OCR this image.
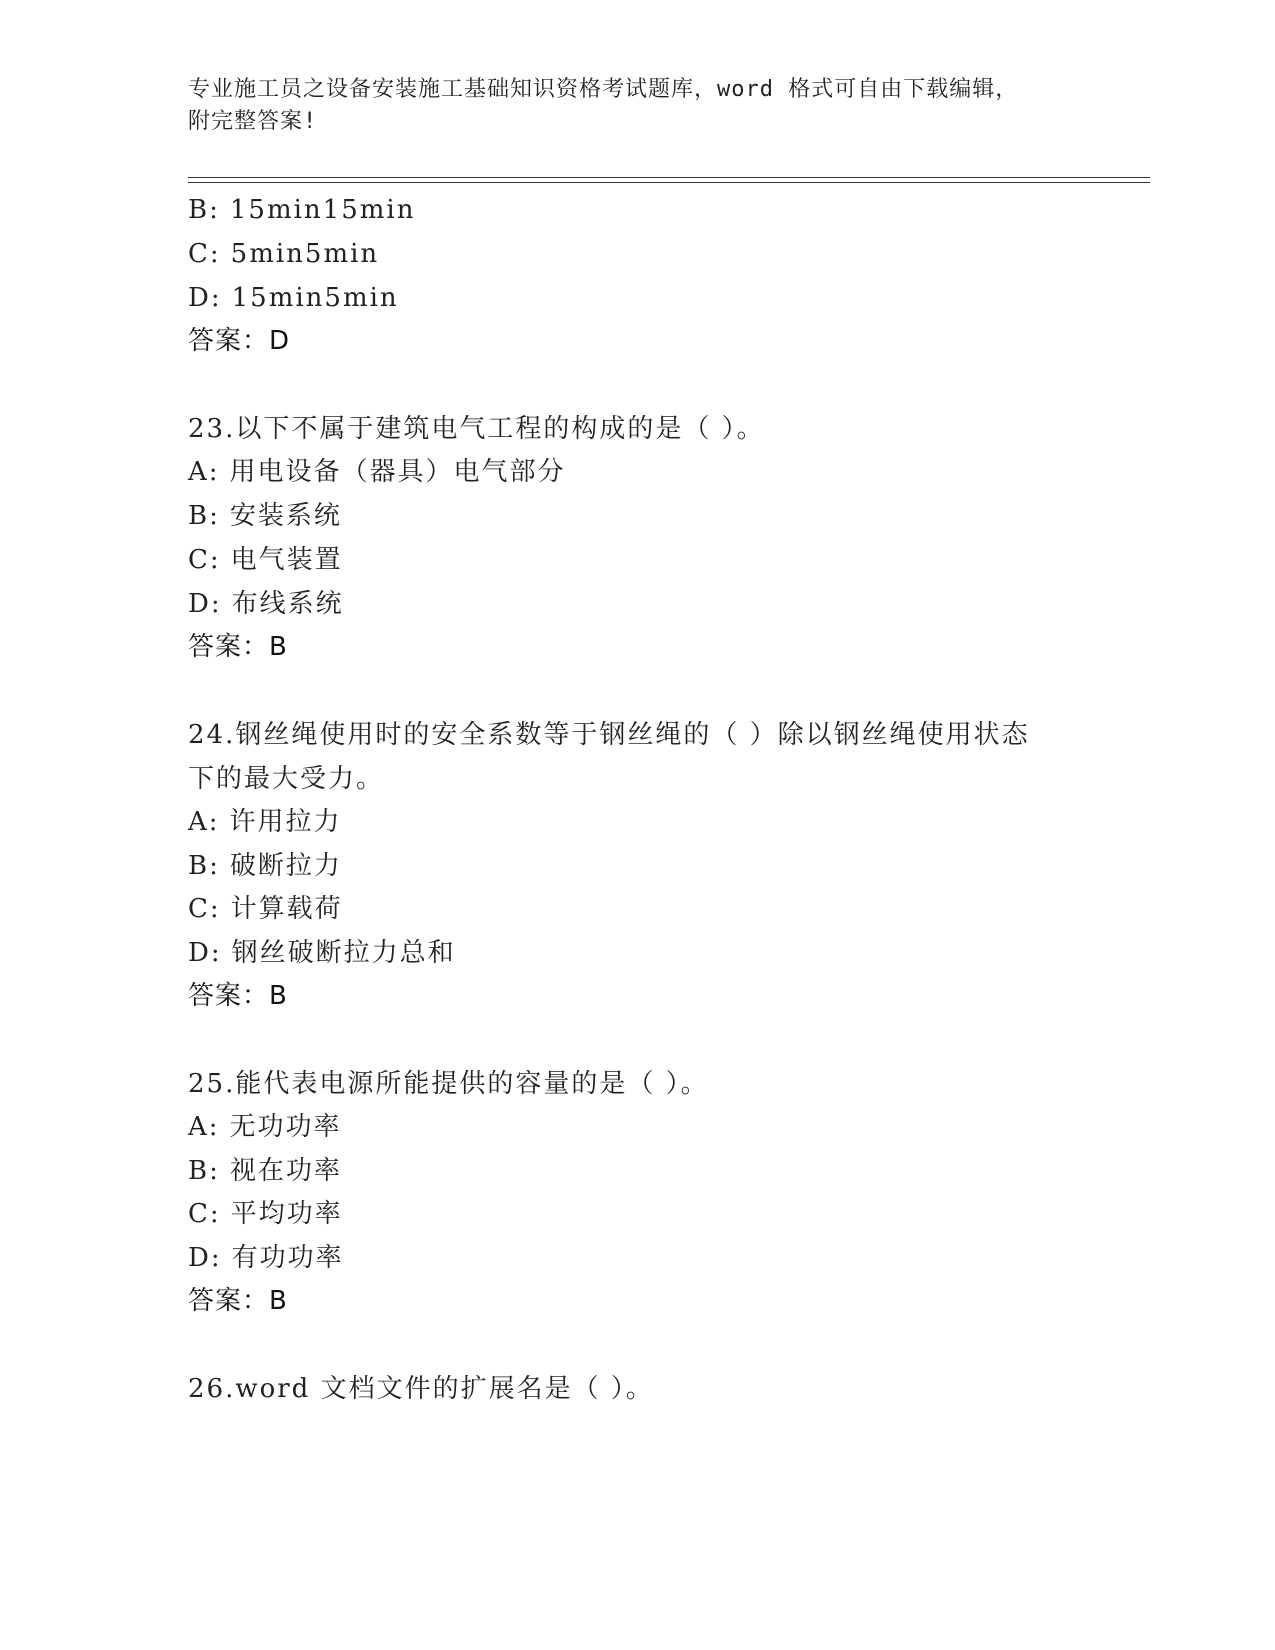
专业施工员之设备安装施工基础知识资格考试题库，word 格式可自由下载编辑，
附完整答案!
B: 15min15min
C: 5min5min
D: 15min5min
答案：D
23.以下不属于建筑电气工程的构成的是（ ）。
A: 用电设备（器具）电气部分
B: 安装系统
C: 电气装置
D: 布线系统
答案：B
24.钢丝绳使用时的安全系数等于钢丝绳的（ ）除以钢丝绳使用状态
下的最大受力。
A: 许用拉力
B: 破断拉力
C: 计算载荷
D: 钢丝破断拉力总和
答案：B
25.能代表电源所能提供的容量的是（ ）。
A: 无功功率
B: 视在功率
C: 平均功率
D: 有功功率
答案：B
26.word 文档文件的扩展名是（ ）。
